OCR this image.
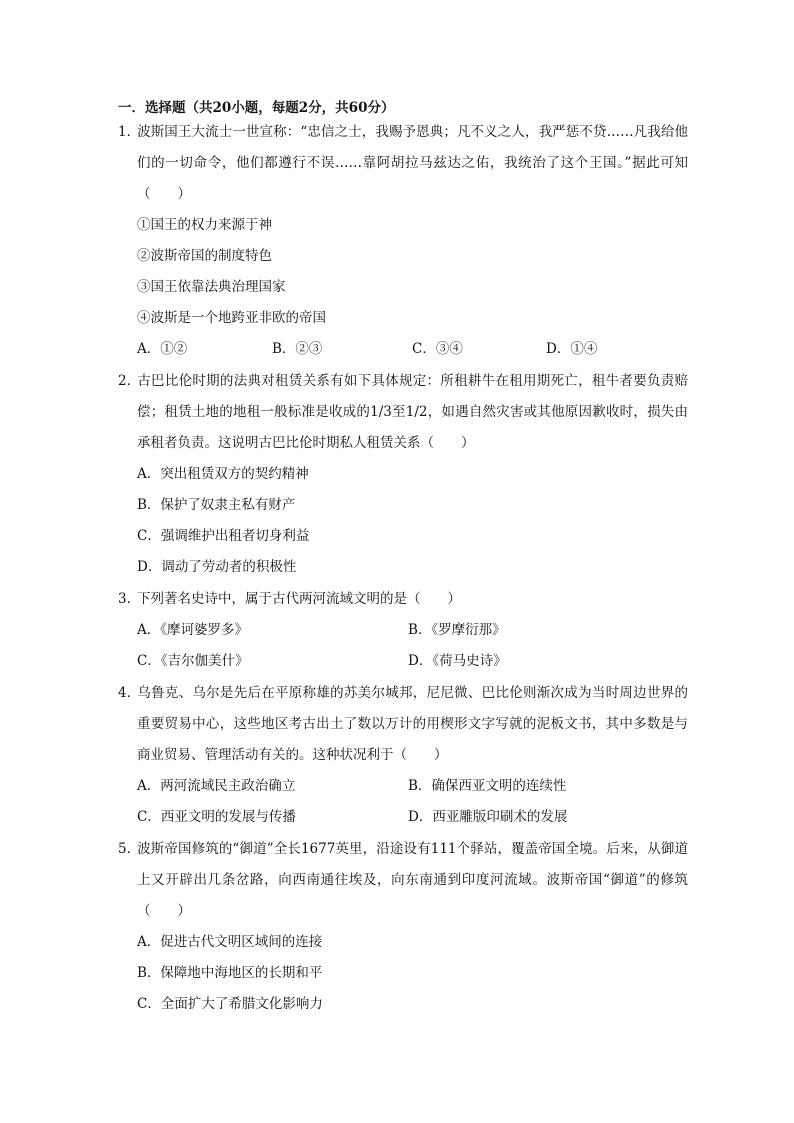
一．选择题（共20小题，每题2分，共60分）

1．波斯国王大流士一世宣称：“忠信之士，我赐予恩典；凡不义之人，我严惩不贷……凡我给他们的一切命令，他们都遵行不误……靠阿胡拉马兹达之佑，我统治了这个王国。”据此可知（　　）

①国王的权力来源于神
②波斯帝国的制度特色
③国王依靠法典治理国家
④波斯是一个地跨亚非欧的帝国
A．①②	B．②③	C．③④	D．①④

2．古巴比伦时期的法典对租赁关系有如下具体规定：所租耕牛在租用期死亡，租牛者要负责赔偿；租赁土地的地租一般标准是收成的1/3至1/2，如遇自然灾害或其他原因歉收时，损失由承租者负责。这说明古巴比伦时期私人租赁关系（　　）

A．突出租赁双方的契约精神
B．保护了奴隶主私有财产
C．强调维护出租者切身利益
D．调动了劳动者的积极性

3．下列著名史诗中，属于古代两河流域文明的是（　　）

A．《摩诃婆罗多》	B．《罗摩衍那》
C．《吉尔伽美什》	D．《荷马史诗》

4．乌鲁克、乌尔是先后在平原称雄的苏美尔城邦，尼尼微、巴比伦则渐次成为当时周边世界的重要贸易中心，这些地区考古出土了数以万计的用楔形文字写就的泥板文书，其中多数是与商业贸易、管理活动有关的。这种状况利于（　　）

A．两河流域民主政治确立	B．确保西亚文明的连续性
C．西亚文明的发展与传播	D．西亚雕版印刷术的发展

5．波斯帝国修筑的“御道”全长1677英里，沿途设有111个驿站，覆盖帝国全境。后来，从御道上又开辟出几条岔路，向西南通往埃及，向东南通到印度河流域。波斯帝国“御道”的修筑（　　）

A．促进古代文明区域间的连接
B．保障地中海地区的长期和平
C．全面扩大了希腊文化影响力
